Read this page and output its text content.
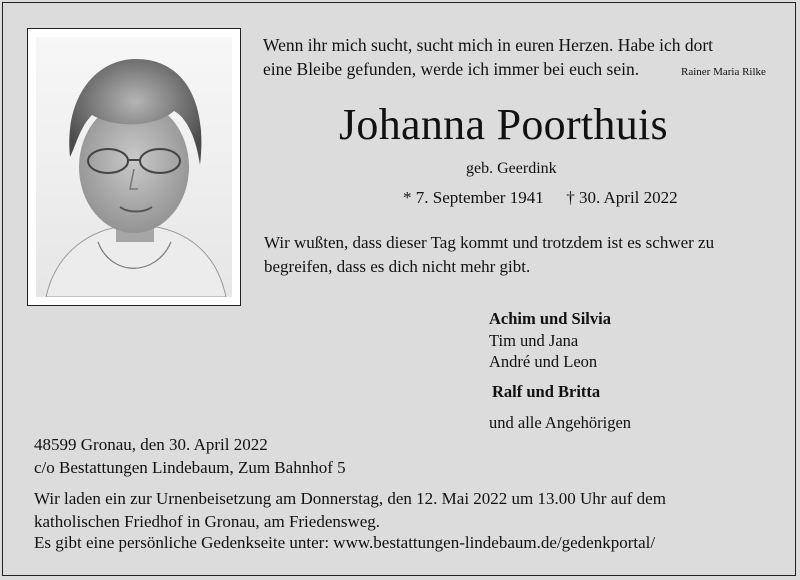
Wenn ihr mich sucht, sucht mich in euren Herzen. Habe ich dort
eine Bleibe gefunden, werde ich immer bei euch sein.	Rainer Maria Rilke
Johanna Poorthuis
geb. Geerdink
* 7. September 1941 † 30. April 2022
Wir wußten, dass dieser Tag kommt und trotzdem ist es schwer zu
begreifen, dass es dich nicht mehr gibt.
Achim und Silvia
Tim und Jana
André und Leon
Ralf und Britta
und alle Angehörigen
48599 Gronau, den 30. April 2022
c/o Bestattungen Lindebaum, Zum Bahnhof 5
Wir laden ein zur Urnenbeisetzung am Donnerstag, den 12. Mai 2022 um 13.00 Uhr auf dem
katholischen Friedhof in Gronau, am Friedensweg.
Es gibt eine persönliche Gedenkseite unter: www.bestattungen-lindebaum.de/gedenkportal/
